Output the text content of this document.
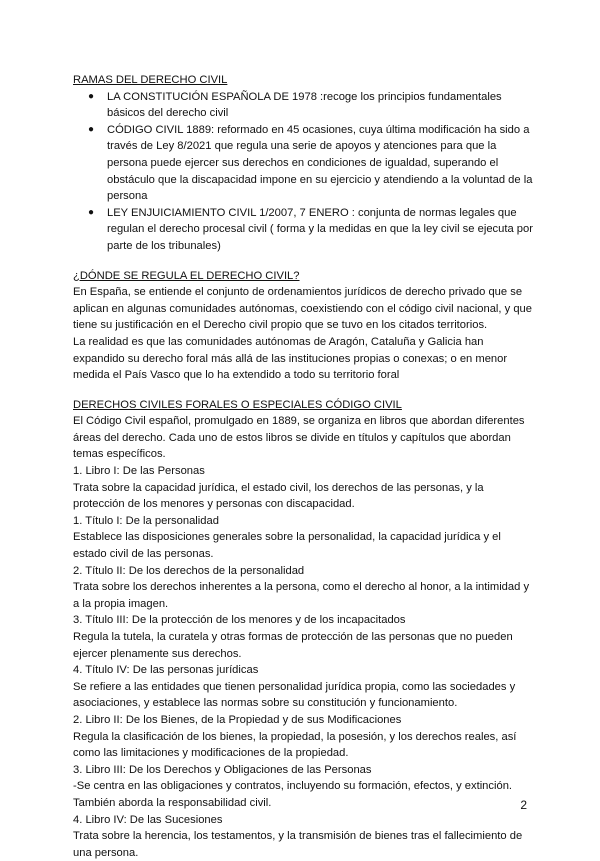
RAMAS DEL DERECHO CIVIL

● LA CONSTITUCIÓN ESPAÑOLA DE 1978 :recoge los principios fundamentales básicos del derecho civil
● CÓDIGO CIVIL 1889: reformado en 45 ocasiones, cuya última modificación ha sido a través de Ley 8/2021 que regula una serie de apoyos y atenciones para que la persona puede ejercer sus derechos en condiciones de igualdad, superando el obstáculo que la discapacidad impone en su ejercicio y atendiendo a la voluntad de la persona
● LEY ENJUICIAMIENTO CIVIL 1/2007, 7 ENERO : conjunta de normas legales que regulan el derecho procesal civil ( forma y la medidas en que la ley civil se ejecuta por parte de los tribunales)

¿DÓNDE SE REGULA EL DERECHO CIVIL?

En España, se entiende el conjunto de ordenamientos jurídicos de derecho privado que se aplican en algunas comunidades autónomas, coexistiendo con el código civil nacional, y que tiene su justificación en el Derecho civil propio que se tuvo en los citados territorios.

La realidad es que las comunidades autónomas de Aragón, Cataluña y Galicia han expandido su derecho foral más allá de las instituciones propias o conexas; o en menor medida el País Vasco que lo ha extendido a todo su territorio foral

DERECHOS CIVILES FORALES O ESPECIALES CÓDIGO CIVIL

El Código Civil español, promulgado en 1889, se organiza en libros que abordan diferentes áreas del derecho. Cada uno de estos libros se divide en títulos y capítulos que abordan temas específicos.

1. Libro I: De las Personas

Trata sobre la capacidad jurídica, el estado civil, los derechos de las personas, y la protección de los menores y personas con discapacidad.

1. Título I: De la personalidad

Establece las disposiciones generales sobre la personalidad, la capacidad jurídica y el estado civil de las personas.

2. Título II: De los derechos de la personalidad

Trata sobre los derechos inherentes a la persona, como el derecho al honor, a la intimidad y a la propia imagen.

3. Título III: De la protección de los menores y de los incapacitados

Regula la tutela, la curatela y otras formas de protección de las personas que no pueden ejercer plenamente sus derechos.

4. Título IV: De las personas jurídicas

Se refiere a las entidades que tienen personalidad jurídica propia, como las sociedades y asociaciones, y establece las normas sobre su constitución y funcionamiento.

2. Libro II: De los Bienes, de la Propiedad y de sus Modificaciones

Regula la clasificación de los bienes, la propiedad, la posesión, y los derechos reales, así como las limitaciones y modificaciones de la propiedad.

3. Libro III: De los Derechos y Obligaciones de las Personas

-Se centra en las obligaciones y contratos, incluyendo su formación, efectos, y extinción. También aborda la responsabilidad civil.

4. Libro IV: De las Sucesiones

Trata sobre la herencia, los testamentos, y la transmisión de bienes tras el fallecimiento de una persona.

2
